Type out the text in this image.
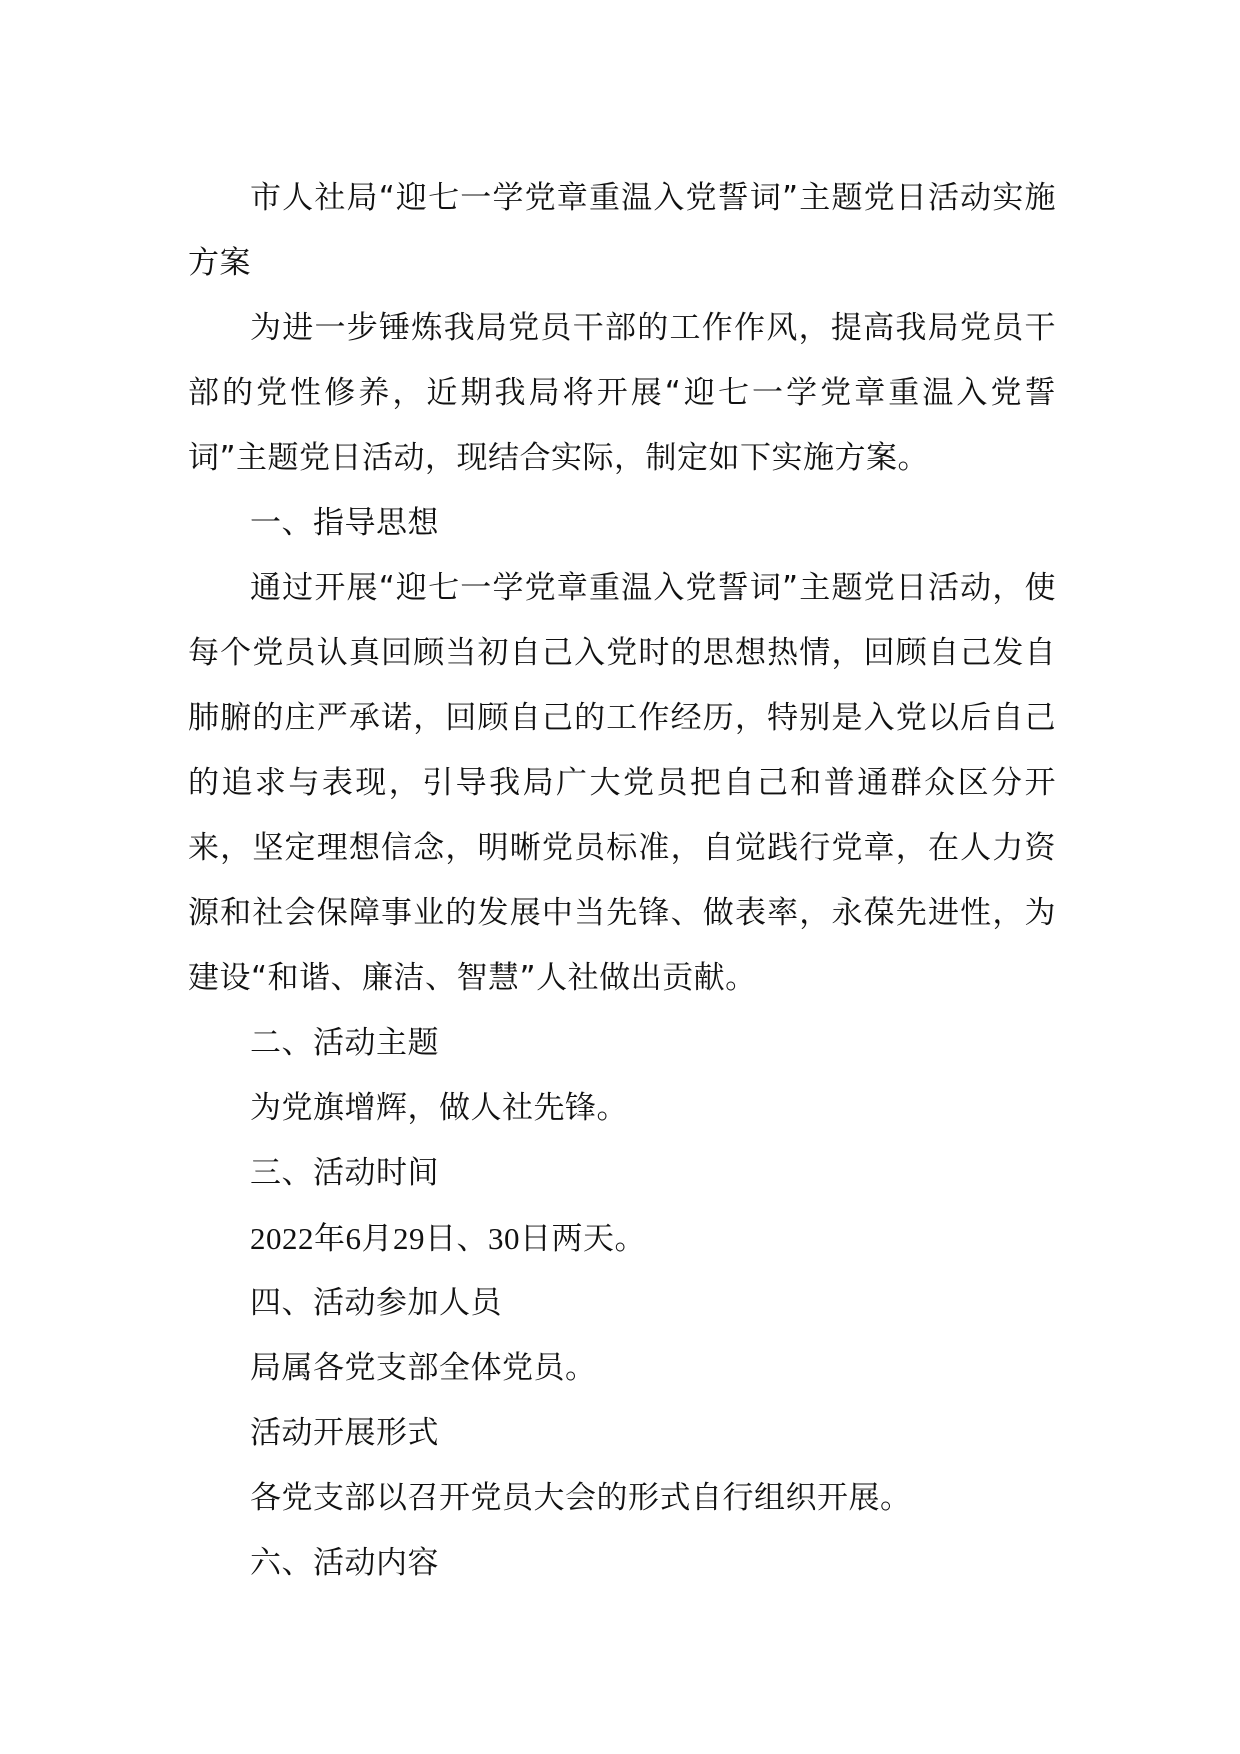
市人社局“迎七一学党章重温入党誓词”主题党日活动实施方案

为进一步锤炼我局党员干部的工作作风，提高我局党员干部的党性修养，近期我局将开展“迎七一学党章重温入党誓词”主题党日活动，现结合实际，制定如下实施方案。

一、指导思想

通过开展“迎七一学党章重温入党誓词”主题党日活动，使每个党员认真回顾当初自己入党时的思想热情，回顾自己发自肺腑的庄严承诺，回顾自己的工作经历，特别是入党以后自己的追求与表现，引导我局广大党员把自己和普通群众区分开来，坚定理想信念，明晰党员标准，自觉践行党章，在人力资源和社会保障事业的发展中当先锋、做表率，永葆先进性，为建设“和谐、廉洁、智慧”人社做出贡献。

二、活动主题

为党旗增辉，做人社先锋。

三、活动时间

2022年6月29日、30日两天。

四、活动参加人员

局属各党支部全体党员。

活动开展形式

各党支部以召开党员大会的形式自行组织开展。

六、活动内容
